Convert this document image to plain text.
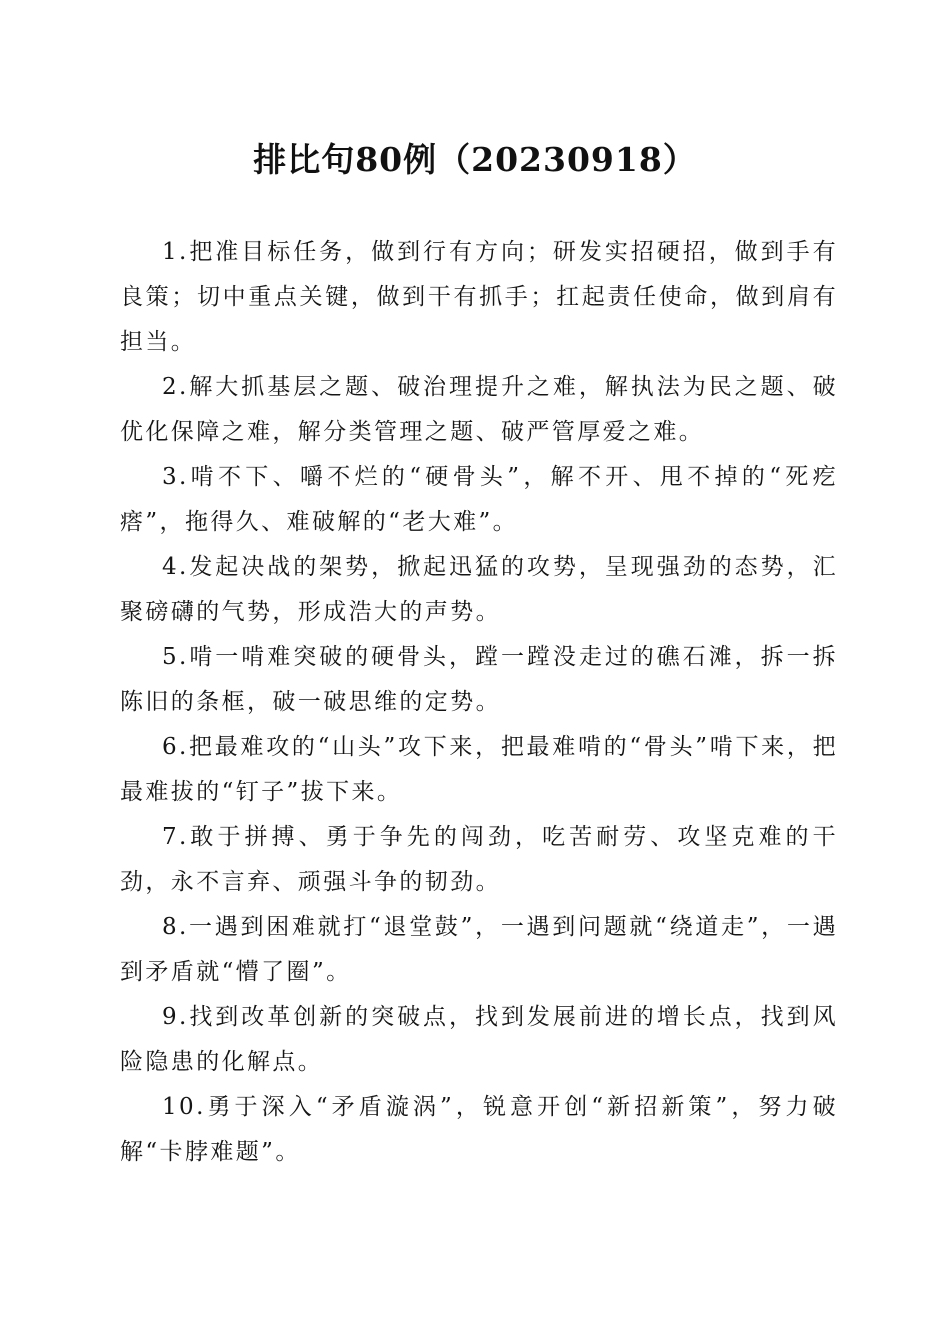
排比句80例（20230918）

1.把准目标任务，做到行有方向；研发实招硬招，做到手有良策；切中重点关键，做到干有抓手；扛起责任使命，做到肩有担当。

2.解大抓基层之题、破治理提升之难，解执法为民之题、破优化保障之难，解分类管理之题、破严管厚爱之难。

3.啃不下、嚼不烂的“硬骨头”，解不开、甩不掉的“死疙瘩”，拖得久、难破解的“老大难”。

4.发起决战的架势，掀起迅猛的攻势，呈现强劲的态势，汇聚磅礴的气势，形成浩大的声势。

5.啃一啃难突破的硬骨头，蹚一蹚没走过的礁石滩，拆一拆陈旧的条框，破一破思维的定势。

6.把最难攻的“山头”攻下来，把最难啃的“骨头”啃下来，把最难拔的“钉子”拔下来。

7.敢于拼搏、勇于争先的闯劲，吃苦耐劳、攻坚克难的干劲，永不言弃、顽强斗争的韧劲。

8.一遇到困难就打“退堂鼓”，一遇到问题就“绕道走”，一遇到矛盾就“懵了圈”。

9.找到改革创新的突破点，找到发展前进的增长点，找到风险隐患的化解点。

10.勇于深入“矛盾漩涡”，锐意开创“新招新策”，努力破解“卡脖难题”。
